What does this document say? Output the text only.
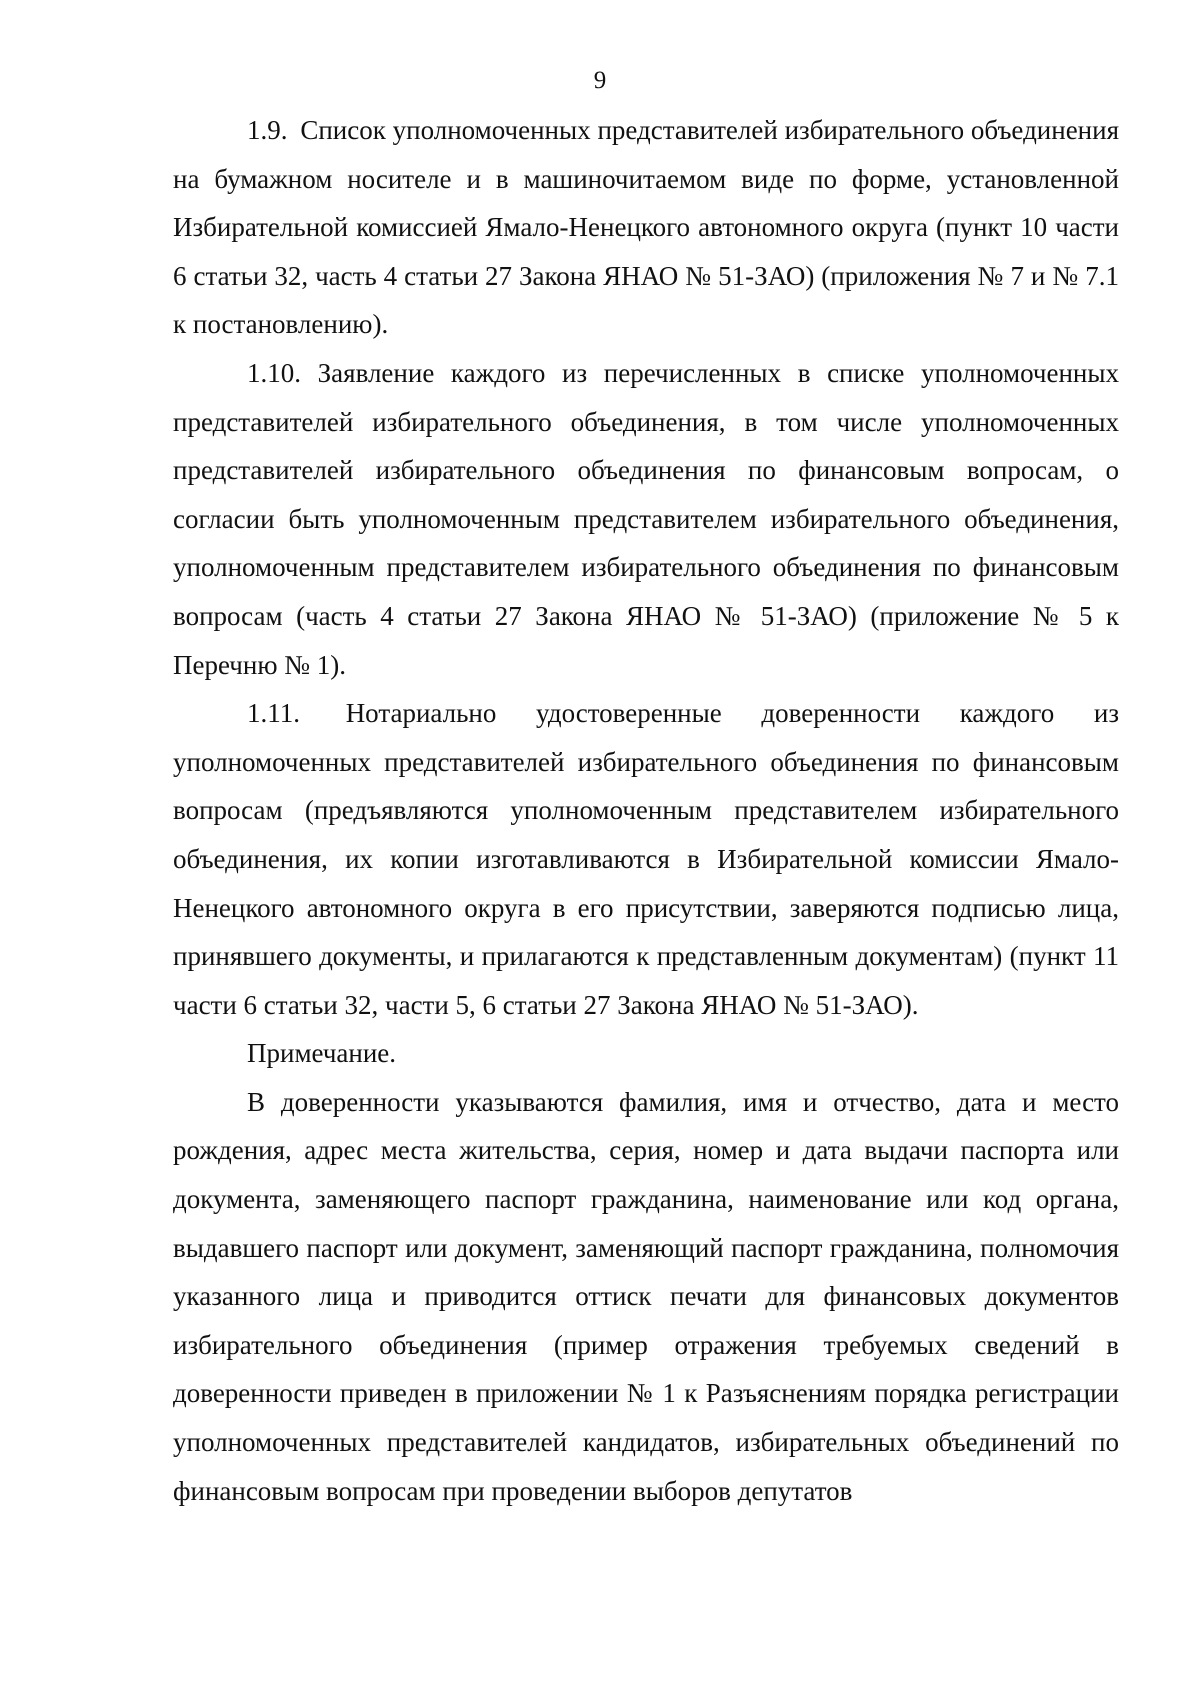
9

1.9. Список уполномоченных представителей избирательного объединения на бумажном носителе и в машиночитаемом виде по форме, установленной Избирательной комиссией Ямало-Ненецкого автономного округа (пункт 10 части 6 статьи 32, часть 4 статьи 27 Закона ЯНАО № 51-ЗАО) (приложения № 7 и № 7.1 к постановлению).

1.10. Заявление каждого из перечисленных в списке уполномоченных представителей избирательного объединения, в том числе уполномоченных представителей избирательного объединения по финансовым вопросам, о согласии быть уполномоченным представителем избирательного объединения, уполномоченным представителем избирательного объединения по финансовым вопросам (часть 4 статьи 27 Закона ЯНАО № 51-ЗАО) (приложение № 5 к Перечню № 1).

1.11. Нотариально удостоверенные доверенности каждого из уполномоченных представителей избирательного объединения по финансовым вопросам (предъявляются уполномоченным представителем избирательного объединения, их копии изготавливаются в Избирательной комиссии Ямало-Ненецкого автономного округа в его присутствии, заверяются подписью лица, принявшего документы, и прилагаются к представленным документам) (пункт 11 части 6 статьи 32, части 5, 6 статьи 27 Закона ЯНАО № 51-ЗАО).

Примечание.

В доверенности указываются фамилия, имя и отчество, дата и место рождения, адрес места жительства, серия, номер и дата выдачи паспорта или документа, заменяющего паспорт гражданина, наименование или код органа, выдавшего паспорт или документ, заменяющий паспорт гражданина, полномочия указанного лица и приводится оттиск печати для финансовых документов избирательного объединения (пример отражения требуемых сведений в доверенности приведен в приложении № 1 к Разъяснениям порядка регистрации уполномоченных представителей кандидатов, избирательных объединений по финансовым вопросам при проведении выборов депутатов
